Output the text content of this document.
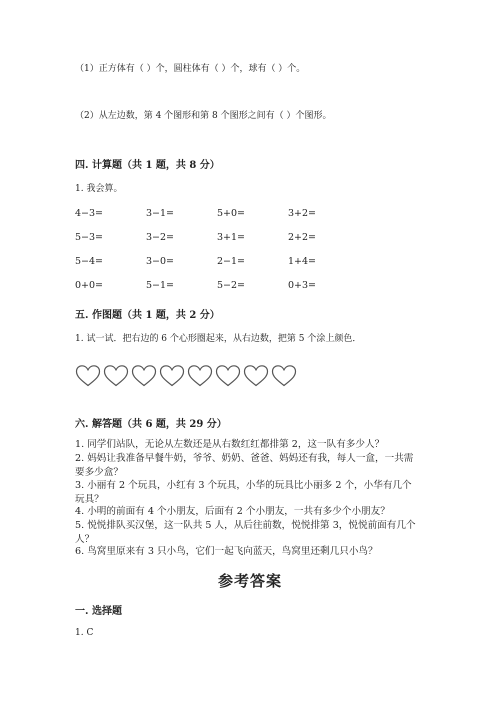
（1）正方体有（ ）个，圆柱体有（ ）个，球有（ ）个。
（2）从左边数，第 4 个图形和第 8 个图形之间有（ ）个图形。
四. 计算题（共 1 题，共 8 分）
1. 我会算。
4−3=	3−1=	5+0=	3+2=
5−3=	3−2=	3+1=	2+2=
5−4=	3−0=	2−1=	1+4=
0+0=	5−1=	5−2=	0+3=
五. 作图题（共 1 题，共 2 分）
1. 试一试．把右边的 6 个心形圈起来，从右边数，把第 5 个涂上颜色．
六. 解答题（共 6 题，共 29 分）
1. 同学们站队，无论从左数还是从右数红红都排第 2，这一队有多少人？
2. 妈妈让我准备早餐牛奶，爷爷、奶奶、爸爸、妈妈还有我，每人一盒，一共需要多少盒？
3. 小丽有 2 个玩具，小红有 3 个玩具，小华的玩具比小丽多 2 个，小华有几个玩具？
4. 小明的前面有 4 个小朋友，后面有 2 个小朋友，一共有多少个小朋友？
5. 悦悦排队买汉堡，这一队共 5 人，从后往前数，悦悦排第 3，悦悦前面有几个人？
6. 鸟窝里原来有 3 只小鸟，它们一起飞向蓝天，鸟窝里还剩几只小鸟？
参考答案
一. 选择题
1. C
